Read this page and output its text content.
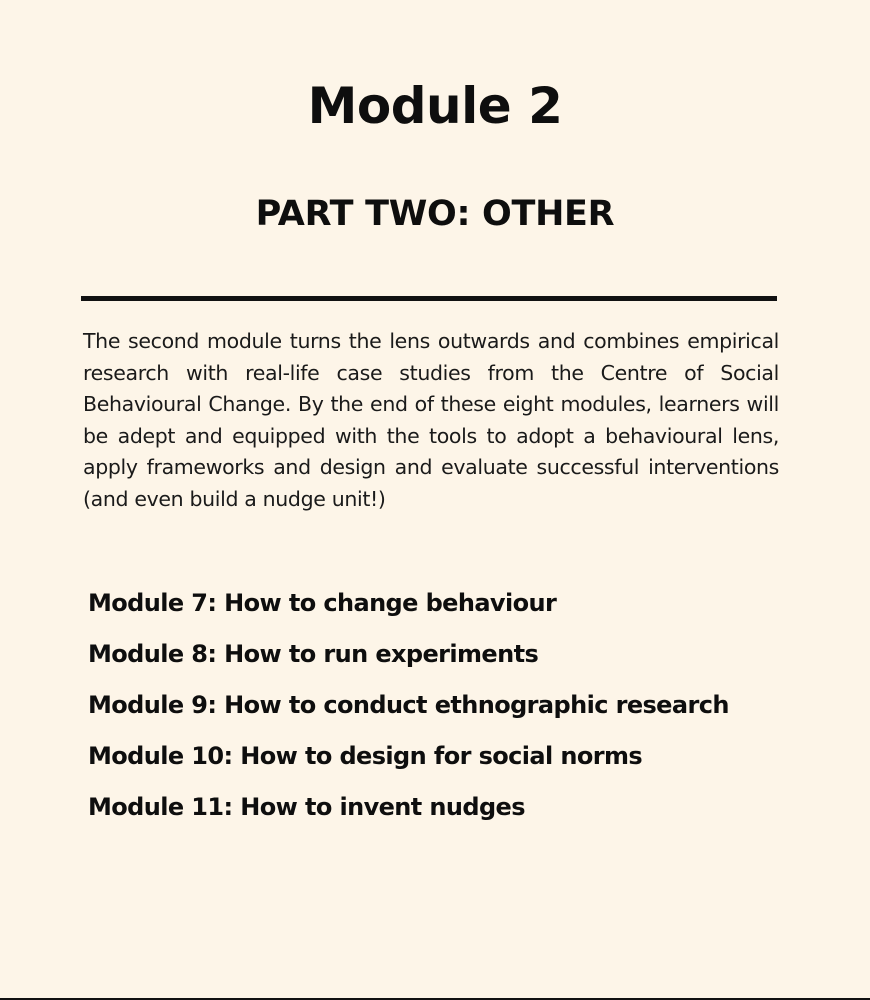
Module 2
PART TWO: OTHER

The second module turns the lens outwards and combines empirical research with real-life case studies from the Centre of Social Behavioural Change. By the end of these eight modules, learners will be adept and equipped with the tools to adopt a behavioural lens, apply frameworks and design and evaluate successful interventions (and even build a nudge unit!)

Module 7: How to change behaviour
Module 8: How to run experiments
Module 9: How to conduct ethnographic research
Module 10: How to design for social norms
Module 11: How to invent nudges
